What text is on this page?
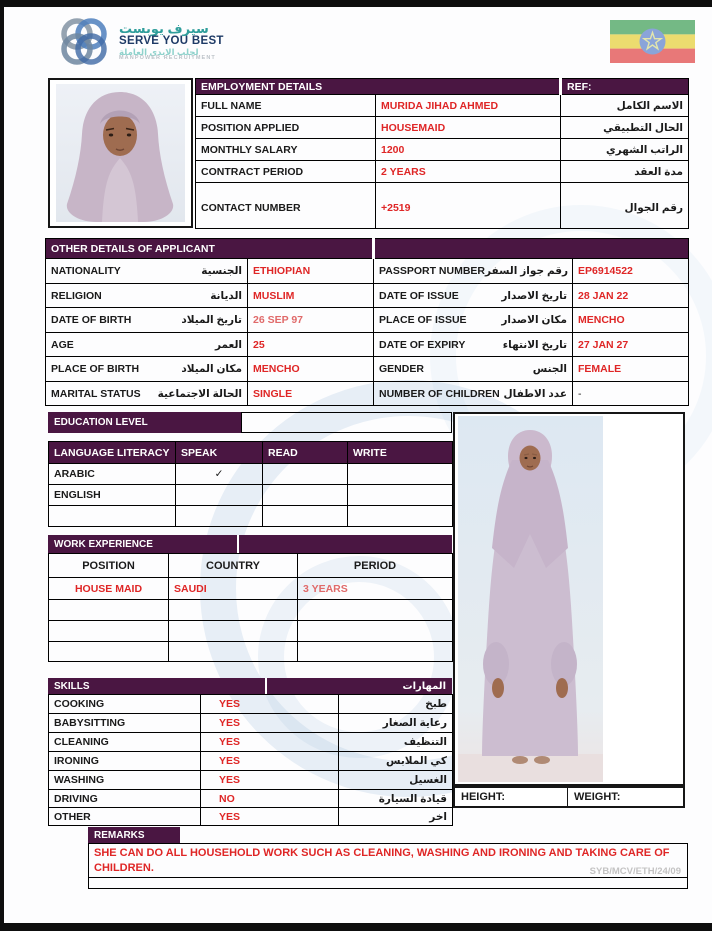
سيرف يوبست
SERVE YOU BEST
لجلب الايدي العاملة
MANPOWER RECRUITMENT
EMPLOYMENT DETAILS		REF:
FULL NAME	MURIDA JIHAD AHMED	الاسم الكامل
POSITION APPLIED	HOUSEMAID	الحال التطبيقي
MONTHLY SALARY	1200	الراتب الشهري
CONTRACT PERIOD	2 YEARS	مدة العقد
CONTACT NUMBER	+2519	رقم الجوال
OTHER DETAILS OF APPLICANT			

NATIONALITY الجنسية	ETHIOPIAN	PASSPORT NUMBER رقم جواز السفر	EP6914522

RELIGION الديانة	MUSLIM	DATE OF ISSUE تاريخ الاصدار	28 JAN 22

DATE OF BIRTH تاريخ الميلاد	26 SEP 97	PLACE OF ISSUE مكان الاصدار	MENCHO

AGE العمر	25	DATE OF EXPIRY تاريخ الانتهاء	27 JAN 27

PLACE OF BIRTH مكان الميلاد	MENCHO	GENDER الجنس	FEMALE

MARITAL STATUS الحالة الاجتماعية	SINGLE	NUMBER OF CHILDREN عدد الاطفال	-
EDUCATION LEVEL
LANGUAGE LITERACY	SPEAK	READ	WRITE
ARABIC	✓		
ENGLISH			

WORK EXPERIENCE
POSITION	COUNTRY	PERIOD
HOUSE MAID	SAUDI	3 YEARS

SKILLS	المهارات
COOKING	YES	طبخ
BABYSITTING	YES	رعاية الصغار
CLEANING	YES	التنظيف
IRONING	YES	كي الملابس
WASHING	YES	الغسيل
DRIVING	NO	قيادة السيارة
OTHER	YES	اخر
HEIGHT:	WEIGHT:
REMARKS
SHE CAN DO ALL HOUSEHOLD WORK SUCH AS CLEANING, WASHING AND IRONING AND TAKING CARE OF CHILDREN.	SYB/MCV/ETH/24/09
